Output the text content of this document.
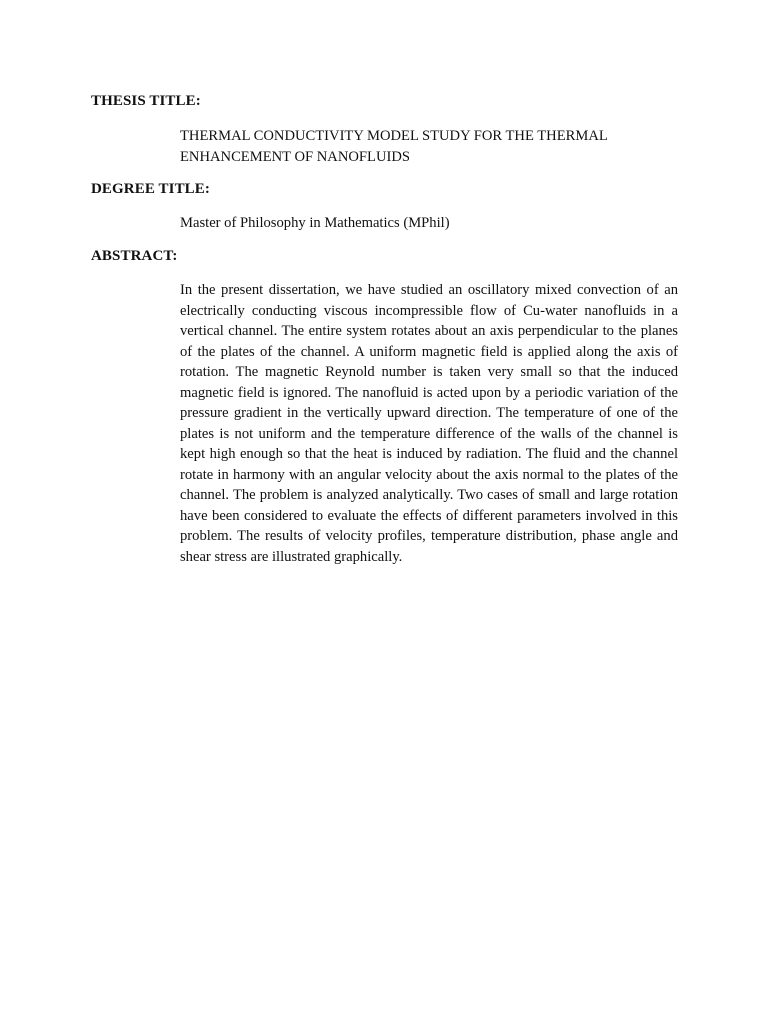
THESIS TITLE:
THERMAL CONDUCTIVITY MODEL STUDY FOR THE THERMAL ENHANCEMENT OF NANOFLUIDS
DEGREE TITLE:
Master of Philosophy in Mathematics (MPhil)
ABSTRACT:

In the present dissertation, we have studied an oscillatory mixed convection of an electrically conducting viscous incompressible flow of Cu-water nanofluids in a vertical channel. The entire system rotates about an axis perpendicular to the planes of the plates of the channel. A uniform magnetic field is applied along the axis of rotation. The magnetic Reynold number is taken very small so that the induced magnetic field is ignored. The nanofluid is acted upon by a periodic variation of the pressure gradient in the vertically upward direction. The temperature of one of the plates is not uniform and the temperature difference of the walls of the channel is kept high enough so that the heat is induced by radiation. The fluid and the channel rotate in harmony with an angular velocity about the axis normal to the plates of the channel. The problem is analyzed analytically. Two cases of small and large rotation have been considered to evaluate the effects of different parameters involved in this problem. The results of velocity profiles, temperature distribution, phase angle and shear stress are illustrated graphically.
